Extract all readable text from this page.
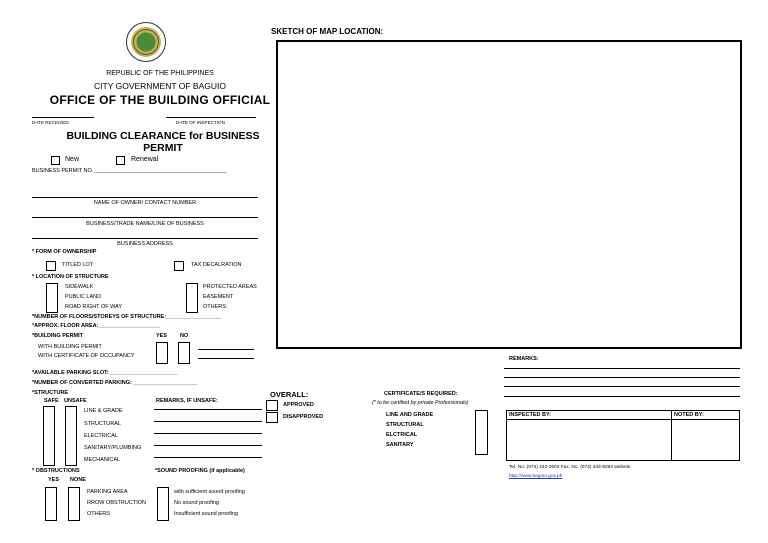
REPUBLIC OF THE PHILIPPINES
CITY GOVERNMENT OF BAGUIO
OFFICE OF THE BUILDING OFFICIAL
DATE RECEIVED	DATE OF INSPECTION
BUILDING CLEARANCE for BUSINESS
PERMIT
New	Renewal
BUSINESS PERMIT NO. ___________________________________________
NAME OF OWNER/ CONTACT NUMBER
BUSINESS/TRADE NAME/LINE OF BUSINESS
BUSINESS ADDRESS
* FORM OF OWNERSHIP
TITLED LOT	TAX DECALRATION
* LOCATION OF STRUCTURE
SIDEWALK
PUBLIC LAND
ROAD RIGHT OF WAY
PROTECTED AREAS
EASEMENT
OTHERS:
*NUMBER OF FLOORS/STOREYS OF STRUCTURE:__________________
*APPROX. FLOOR AREA:____________________
*BUILDING PERMIT	YES NO
WITH BUILDING PERMIT
WITH CERTIFICATE OF OCCUPANCY
*AVAILABLE PARKING SLOT: ______________________
*NUMBER OF CONVERTED PARKING: _____________________
*STRUCTURE
SAFE UNSAFE	REMARKS, IF UNSAFE:
LINE & GRADE
STRUCTURAL
ELECTRICAL
SANITARY/PLUMBING
MECHANICAL
* OBSTRUCTIONS
YES NONE
PARKING AREA
RROW OBSTRUCTION
OTHERS
*SOUND PROOFING (if applicable)
with sufficient sound proofing
No sound proofing
Insufficient sound proofing
SKETCH OF MAP LOCATION:
REMARKS:
OVERALL:
APPROVED
DISAPPROVED
CERTIFICATE/S REQUIRED:
(* to be certified by private Professionals)
LINE AND GRADE
STRUCTURAL
ELCTRICAL
SANITARY
INSPECTED BY:	NOTED BY:

Tel. No. (074) 442-2503 Fax. No. (074) 443-9293 website
http://www.baguio.gov.ph
